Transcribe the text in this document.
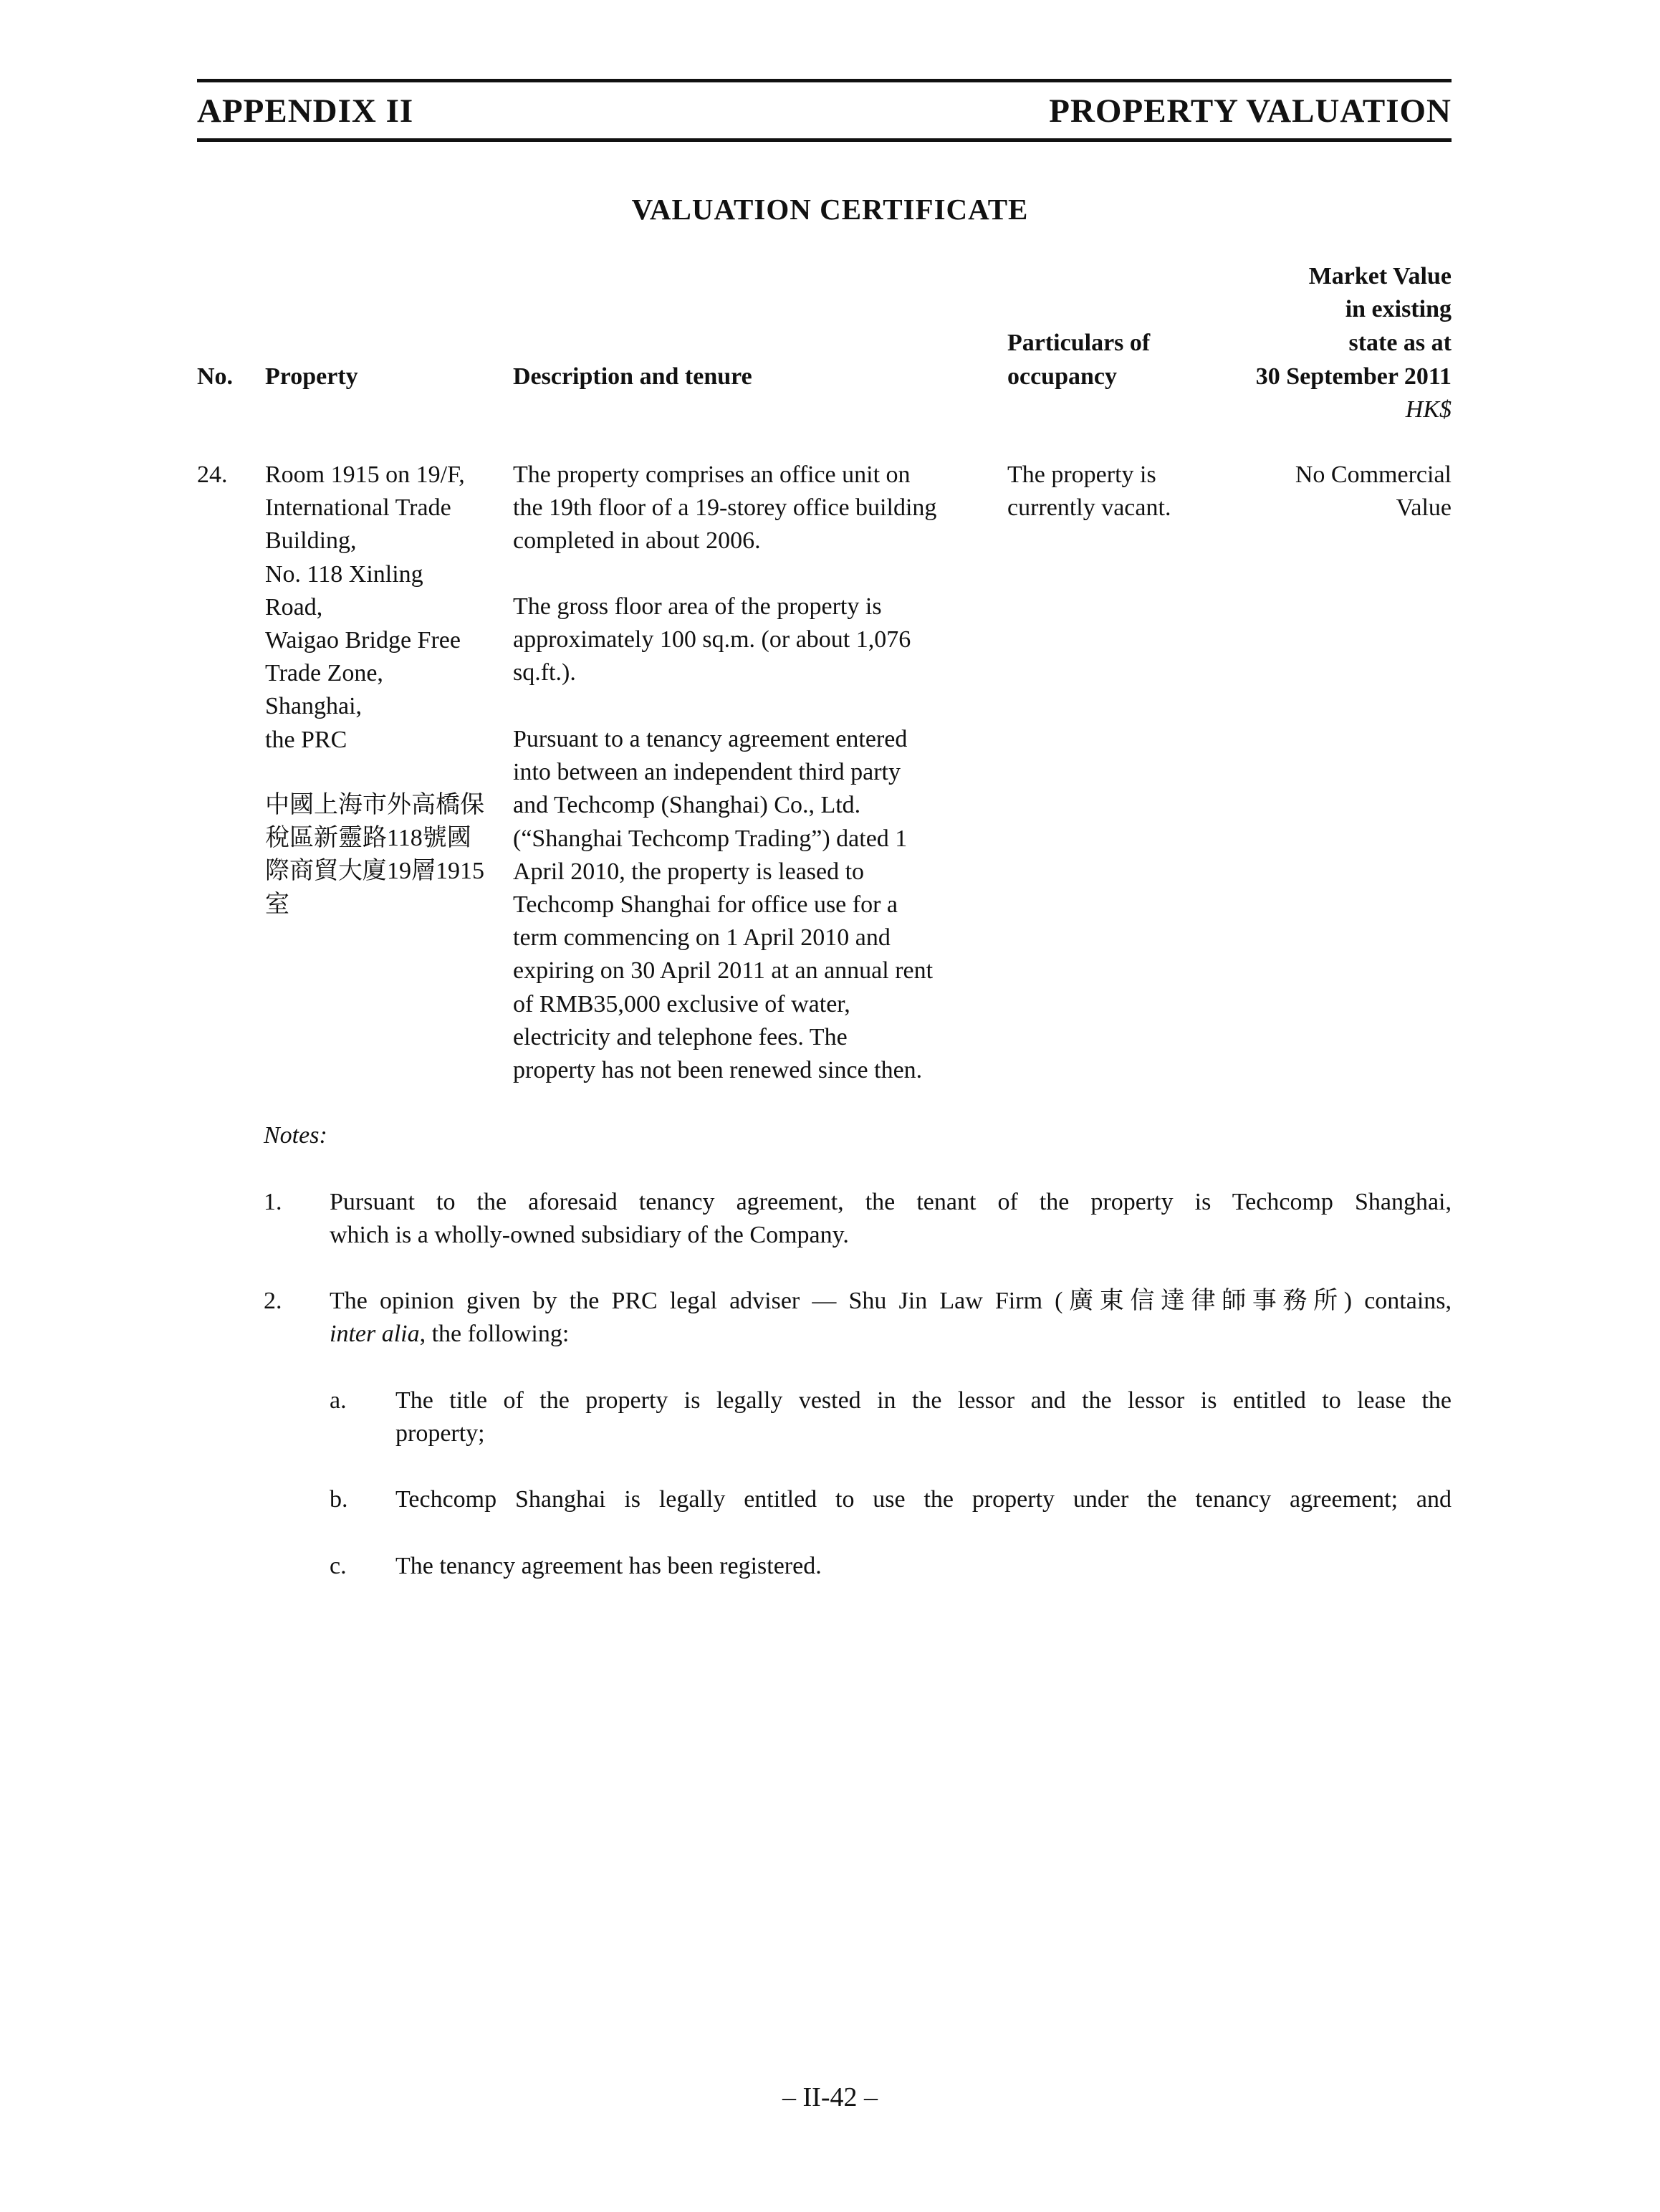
APPENDIX II	PROPERTY VALUATION
VALUATION CERTIFICATE
No. Property	Description and tenure
Particulars of
occupancy
Market Value
in existing
state as at
30 September 2011
HK$
24. Room 1915 on 19/F,
International Trade
Building,
No. 118 Xinling
Road,
Waigao Bridge Free
Trade Zone,
Shanghai,
the PRC
中國上海市外高橋保
稅區新靈路118號國
際商貿大廈19層1915
室
The property comprises an office unit on
the 19th floor of a 19-storey office building
completed in about 2006.
The gross floor area of the property is
approximately 100 sq.m. (or about 1,076
sq.ft.).
Pursuant to a tenancy agreement entered
into between an independent third party
and Techcomp (Shanghai) Co., Ltd.
(“Shanghai Techcomp Trading”) dated 1
April 2010, the property is leased to
Techcomp Shanghai for office use for a
term commencing on 1 April 2010 and
expiring on 30 April 2011 at an annual rent
of RMB35,000 exclusive of water,
electricity and telephone fees. The
property has not been renewed since then.
The property is
currently vacant.
No Commercial
Value
Notes:
1. Pursuant to the aforesaid tenancy agreement, the tenant of the property is Techcomp Shanghai,
which is a wholly-owned subsidiary of the Company.
2. The opinion given by the PRC legal adviser — Shu Jin Law Firm (廣東信達律師事務所) contains,
inter alia, the following:
a. The title of the property is legally vested in the lessor and the lessor is entitled to lease the
property;
b. Techcomp Shanghai is legally entitled to use the property under the tenancy agreement; and
c. The tenancy agreement has been registered.
– II-42 –
